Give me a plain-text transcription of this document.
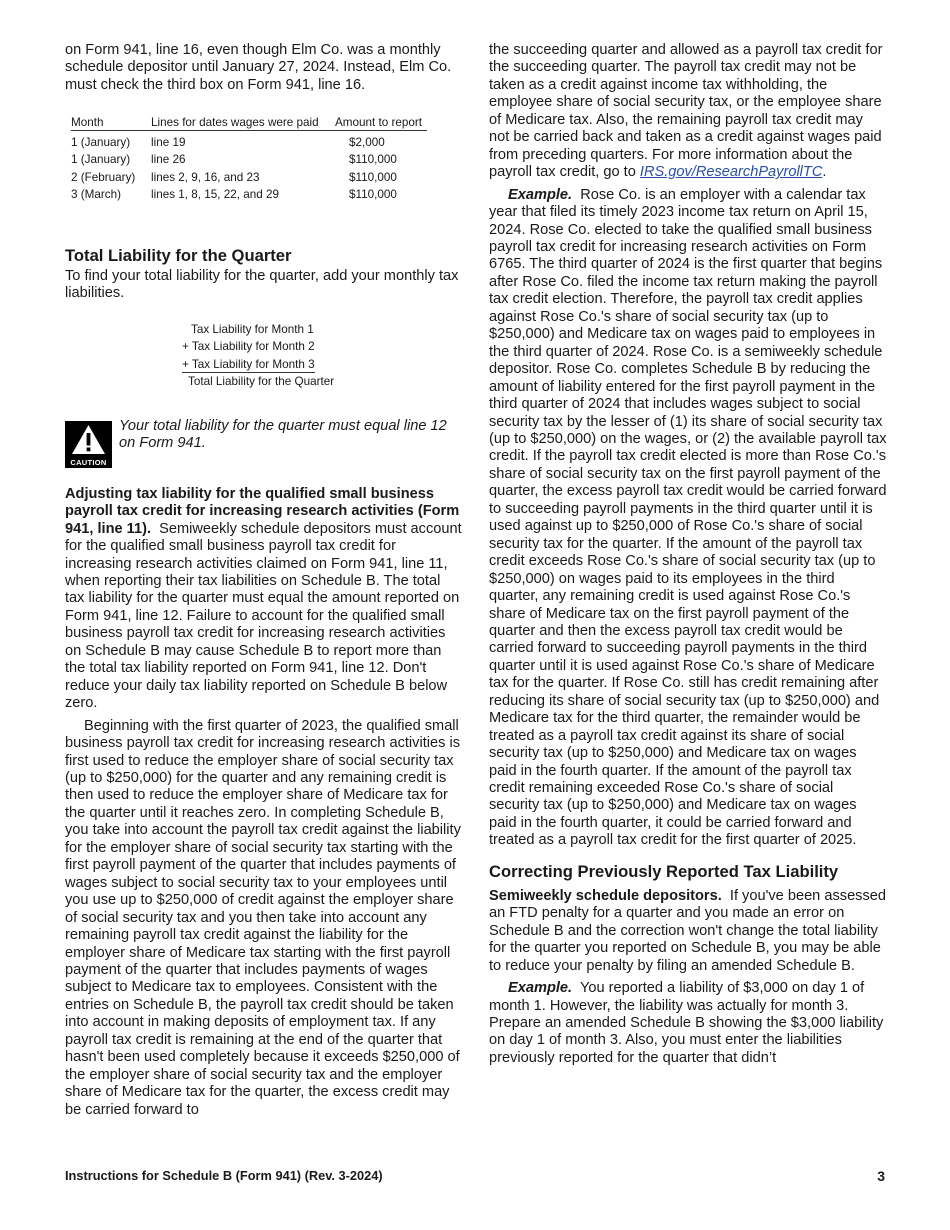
on Form 941, line 16, even though Elm Co. was a monthly schedule depositor until January 27, 2024. Instead, Elm Co. must check the third box on Form 941, line 16.

Month	Lines for dates wages were paid	Amount to report

1 (January)	line 19	$2,000
1 (January)	line 26	$110,000
2 (February)	lines 2, 9, 16, and 23	$110,000
3 (March)	lines 1, 8, 15, 22, and 29	$110,000
Total Liability for the Quarter

To find your total liability for the quarter, add your monthly tax liabilities.

Tax Liability for Month 1
+ Tax Liability for Month 2
+ Tax Liability for Month 3
Total Liability for the Quarter
CAUTION

Your total liability for the quarter must equal line 12 on Form 941.

Adjusting tax liability for the qualified small business payroll tax credit for increasing research activities (Form 941, line 11). Semiweekly schedule depositors must account for the qualified small business payroll tax credit for increasing research activities claimed on Form 941, line 11, when reporting their tax liabilities on Schedule B. The total tax liability for the quarter must equal the amount reported on Form 941, line 12. Failure to account for the qualified small business payroll tax credit for increasing research activities on Schedule B may cause Schedule B to report more than the total tax liability reported on Form 941, line 12. Don't reduce your daily tax liability reported on Schedule B below zero.

Beginning with the first quarter of 2023, the qualified small business payroll tax credit for increasing research activities is first used to reduce the employer share of social security tax (up to $250,000) for the quarter and any remaining credit is then used to reduce the employer share of Medicare tax for the quarter until it reaches zero. In completing Schedule B, you take into account the payroll tax credit against the liability for the employer share of social security tax starting with the first payroll payment of the quarter that includes payments of wages subject to social security tax to your employees until you use up to $250,000 of credit against the employer share of social security tax and you then take into account any remaining payroll tax credit against the liability for the employer share of Medicare tax starting with the first payroll payment of the quarter that includes payments of wages subject to Medicare tax to employees. Consistent with the entries on Schedule B, the payroll tax credit should be taken into account in making deposits of employment tax. If any payroll tax credit is remaining at the end of the quarter that hasn't been used completely because it exceeds $250,000 of the employer share of social security tax and the employer share of Medicare tax for the quarter, the excess credit may be carried forward to

the succeeding quarter and allowed as a payroll tax credit for the succeeding quarter. The payroll tax credit may not be taken as a credit against income tax withholding, the employee share of social security tax, or the employee share of Medicare tax. Also, the remaining payroll tax credit may not be carried back and taken as a credit against wages paid from preceding quarters. For more information about the payroll tax credit, go to IRS.gov/ResearchPayrollTC.

Example. Rose Co. is an employer with a calendar tax year that filed its timely 2023 income tax return on April 15, 2024. Rose Co. elected to take the qualified small business payroll tax credit for increasing research activities on Form 6765. The third quarter of 2024 is the first quarter that begins after Rose Co. filed the income tax return making the payroll tax credit election. Therefore, the payroll tax credit applies against Rose Co.'s share of social security tax (up to $250,000) and Medicare tax on wages paid to employees in the third quarter of 2024. Rose Co. is a semiweekly schedule depositor. Rose Co. completes Schedule B by reducing the amount of liability entered for the first payroll payment in the third quarter of 2024 that includes wages subject to social security tax by the lesser of (1) its share of social security tax (up to $250,000) on the wages, or (2) the available payroll tax credit. If the payroll tax credit elected is more than Rose Co.'s share of social security tax on the first payroll payment of the quarter, the excess payroll tax credit would be carried forward to succeeding payroll payments in the third quarter until it is used against up to $250,000 of Rose Co.'s share of social security tax for the quarter. If the amount of the payroll tax credit exceeds Rose Co.'s share of social security tax (up to $250,000) on wages paid to its employees in the third quarter, any remaining credit is used against Rose Co.'s share of Medicare tax on the first payroll payment of the quarter and then the excess payroll tax credit would be carried forward to succeeding payroll payments in the third quarter until it is used against Rose Co.'s share of Medicare tax for the quarter. If Rose Co. still has credit remaining after reducing its share of social security tax (up to $250,000) and Medicare tax for the third quarter, the remainder would be treated as a payroll tax credit against its share of social security tax (up to $250,000) and Medicare tax on wages paid in the fourth quarter. If the amount of the payroll tax credit remaining exceeded Rose Co.'s share of social security tax (up to $250,000) and Medicare tax on wages paid in the fourth quarter, it could be carried forward and treated as a payroll tax credit for the first quarter of 2025.

Correcting Previously Reported Tax Liability

Semiweekly schedule depositors. If you've been assessed an FTD penalty for a quarter and you made an error on Schedule B and the correction won't change the total liability for the quarter you reported on Schedule B, you may be able to reduce your penalty by filing an amended Schedule B.

Example. You reported a liability of $3,000 on day 1 of month 1. However, the liability was actually for month 3. Prepare an amended Schedule B showing the $3,000 liability on day 1 of month 3. Also, you must enter the liabilities previously reported for the quarter that didn’t

Instructions for Schedule B (Form 941) (Rev. 3-2024)	3
